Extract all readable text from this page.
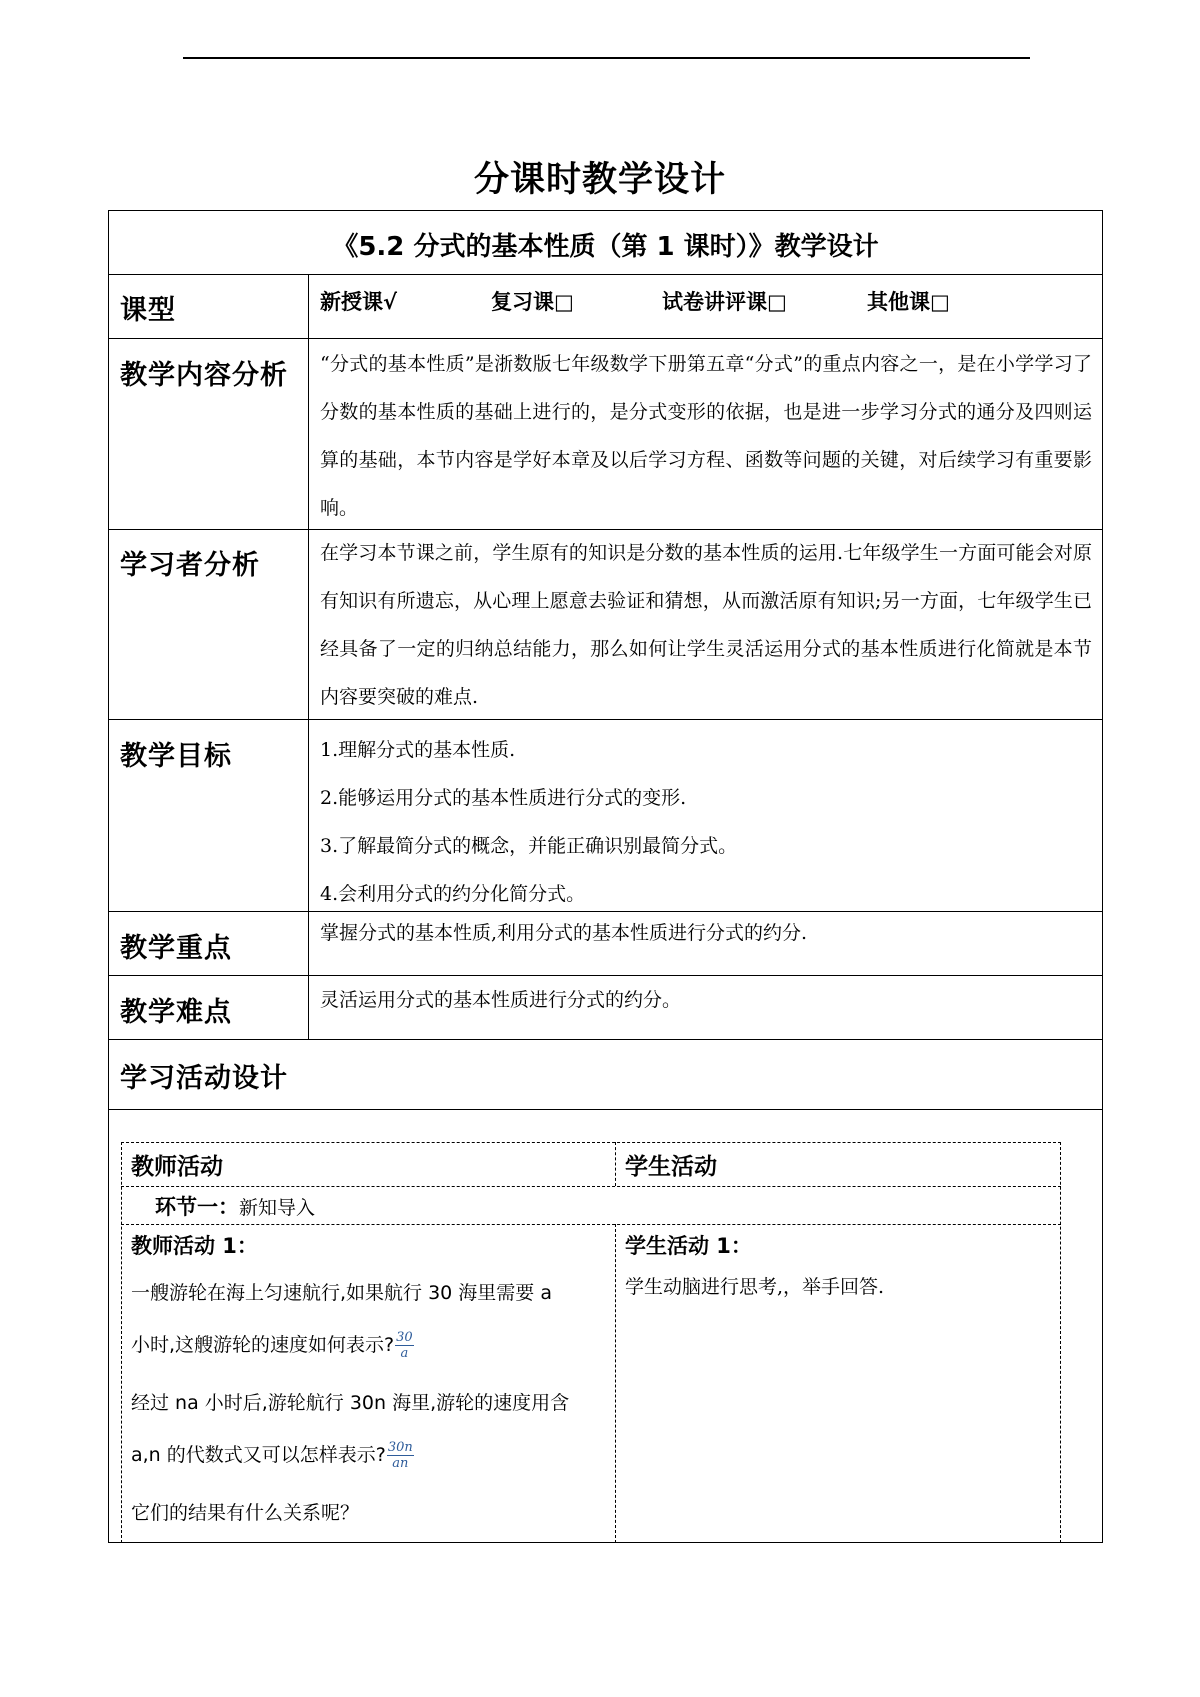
分课时教学设计
《5.2 分式的基本性质（第 1 课时）》教学设计
课型	新授课√	复习课□	试卷讲评课□	其他课□
教学内容分析 “分式的基本性质”是浙数版七年级数学下册第五章“分式”的重点内容之一，是在小学学习了分数的基本性质的基础上进行的，是分式变形的依据，也是进一步学习分式的通分及四则运算的基础，本节内容是学好本章及以后学习方程、函数等问题的关键，对后续学习有重要影响。

学习者分析	在学习本节课之前，学生原有的知识是分数的基本性质的运用.七年级学生一方面可能会对原有知识有所遗忘，从心理上愿意去验证和猜想，从而激活原有知识;另一方面，七年级学生已经具备了一定的归纳总结能力，那么如何让学生灵活运用分式的基本性质进行化简就是本节内容要突破的难点.

教学目标	1.理解分式的基本性质.
2.能够运用分式的基本性质进行分式的变形.
3.了解最简分式的概念，并能正确识别最简分式。
4.会利用分式的约分化简分式。
教学重点	掌握分式的基本性质,利用分式的基本性质进行分式的约分.
教学难点	灵活运用分式的基本性质进行分式的约分。
学习活动设计
教师活动	学生活动
环节一：新知导入
教师活动 1：
一艘游轮在海上匀速航行,如果航行 30 海里需要 a
小时,这艘游轮的速度如何表示? $\frac{30}{a}$
经过 na 小时后,游轮航行 30n 海里,游轮的速度用含
a,n 的代数式又可以怎样表示? $\frac{30n}{an}$
它们的结果有什么关系呢？
学生活动 1：
学生动脑进行思考,，举手回答.
